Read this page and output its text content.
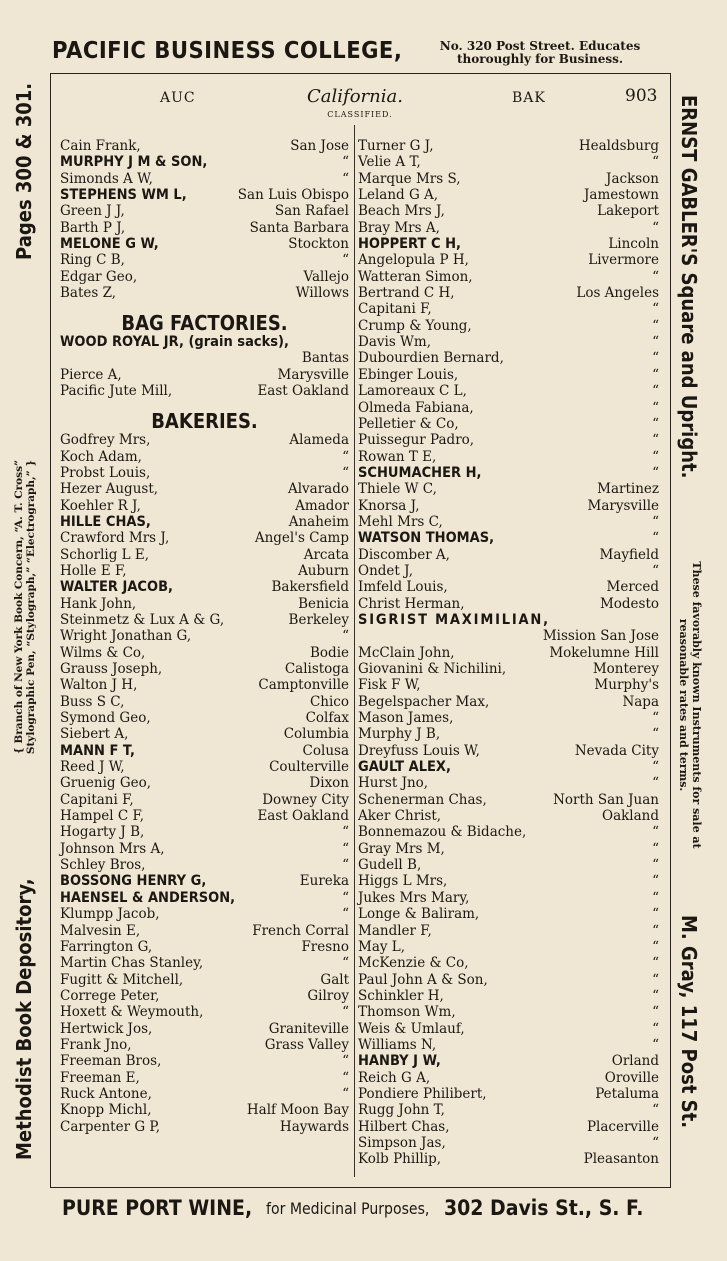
PACIFIC BUSINESS COLLEGE,	No. 320 Post Street. Educates
thoroughly for Business.
AUC	California.	BAK	903
CLASSIFIED.
Cain Frank,	San Jose
MURPHY J M & SON,	“
Simonds A W,	“
STEPHENS WM L,	San Luis Obispo
Green J J,	San Rafael
Barth P J,	Santa Barbara
MELONE G W,	Stockton
Ring C B,	“
Edgar Geo,	Vallejo
Bates Z,	Willows
BAG FACTORIES.
WOOD ROYAL JR, (grain sacks),
Bantas
Pierce A,	Marysville
Pacific Jute Mill,	East Oakland
BAKERIES.
Godfrey Mrs,	Alameda
Koch Adam,	“
Probst Louis,	“
Hezer August,	Alvarado
Koehler R J,	Amador
HILLE CHAS,	Anaheim
Crawford Mrs J,	Angel's Camp
Schorlig L E,	Arcata
Holle E F,	Auburn
WALTER JACOB,	Bakersfield
Hank John,	Benicia
Steinmetz & Lux A & G,	Berkeley
Wright Jonathan G,	“
Wilms & Co,	Bodie
Grauss Joseph,	Calistoga
Walton J H,	Camptonville
Buss S C,	Chico
Symond Geo,	Colfax
Siebert A,	Columbia
MANN F T,	Colusa
Reed J W,	Coulterville
Gruenig Geo,	Dixon
Capitani F,	Downey City
Hampel C F,	East Oakland
Hogarty J B,	“
Johnson Mrs A,	“
Schley Bros,	“
BOSSONG HENRY G,	Eureka
HAENSEL & ANDERSON,	“
Klumpp Jacob,	“
Malvesin E,	French Corral
Farrington G,	Fresno
Martin Chas Stanley,	“
Fugitt & Mitchell,	Galt
Correge Peter,	Gilroy
Hoxett & Weymouth,	“
Hertwick Jos,	Graniteville
Frank Jno,	Grass Valley
Freeman Bros,	“
Freeman E,	“
Ruck Antone,	“
Knopp Michl,	Half Moon Bay
Carpenter G P,	Haywards
Turner G J,	Healdsburg
Velie A T,	“
Marque Mrs S,	Jackson
Leland G A,	Jamestown
Beach Mrs J,	Lakeport
Bray Mrs A,	“
HOPPERT C H,	Lincoln
Angelopula P H,	Livermore
Watteran Simon,	“
Bertrand C H,	Los Angeles
Capitani F,	“
Crump & Young,	“
Davis Wm,	“
Dubourdien Bernard,	“
Ebinger Louis,	“
Lamoreaux C L,	“
Olmeda Fabiana,	“
Pelletier & Co,	“
Puissegur Padro,	“
Rowan T E,	“
SCHUMACHER H,	“
Thiele W C,	Martinez
Knorsa J,	Marysville
Mehl Mrs C,	“
WATSON THOMAS,	“
Discomber A,	Mayfield
Ondet J,	“
Imfeld Louis,	Merced
Christ Herman,	Modesto
SIGRIST MAXIMILIAN,
Mission San Jose
McClain John,	Mokelumne Hill
Giovanini & Nichilini,	Monterey
Fisk F W,	Murphy's
Begelspacher Max,	Napa
Mason James,	“
Murphy J B,	“
Dreyfuss Louis W,	Nevada City
GAULT ALEX,	“
Hurst Jno,	“
Schenerman Chas,	North San Juan
Aker Christ,	Oakland
Bonnemazou & Bidache,	“
Gray Mrs M,	“
Gudell B,	“
Higgs L Mrs,	“
Jukes Mrs Mary,	“
Longe & Baliram,	“
Mandler F,	“
May L,	“
McKenzie & Co,	“
Paul John A & Son,	“
Schinkler H,	“
Thomson Wm,	“
Weis & Umlauf,	“
Williams N,	“
HANBY J W,	Orland
Reich G A,	Oroville
Pondiere Philibert,	Petaluma
Rugg John T,	“
Hilbert Chas,	Placerville
Simpson Jas,	“
Kolb Phillip,	Pleasanton
PURE PORT WINE, for Medicinal Purposes, 302 Davis St., S. F.
Methodist Book Depository,
{ Branch of New York Book Concern, “A. T. Cross” Stylographic Pen, “Stylograph,” “Electrograph,” }
Pages 300 & 301.	ERNST GABLER'S Square and Upright.
These favorably known Instruments for sale at
reasonable rates and terms.
M. Gray, 117 Post St.
